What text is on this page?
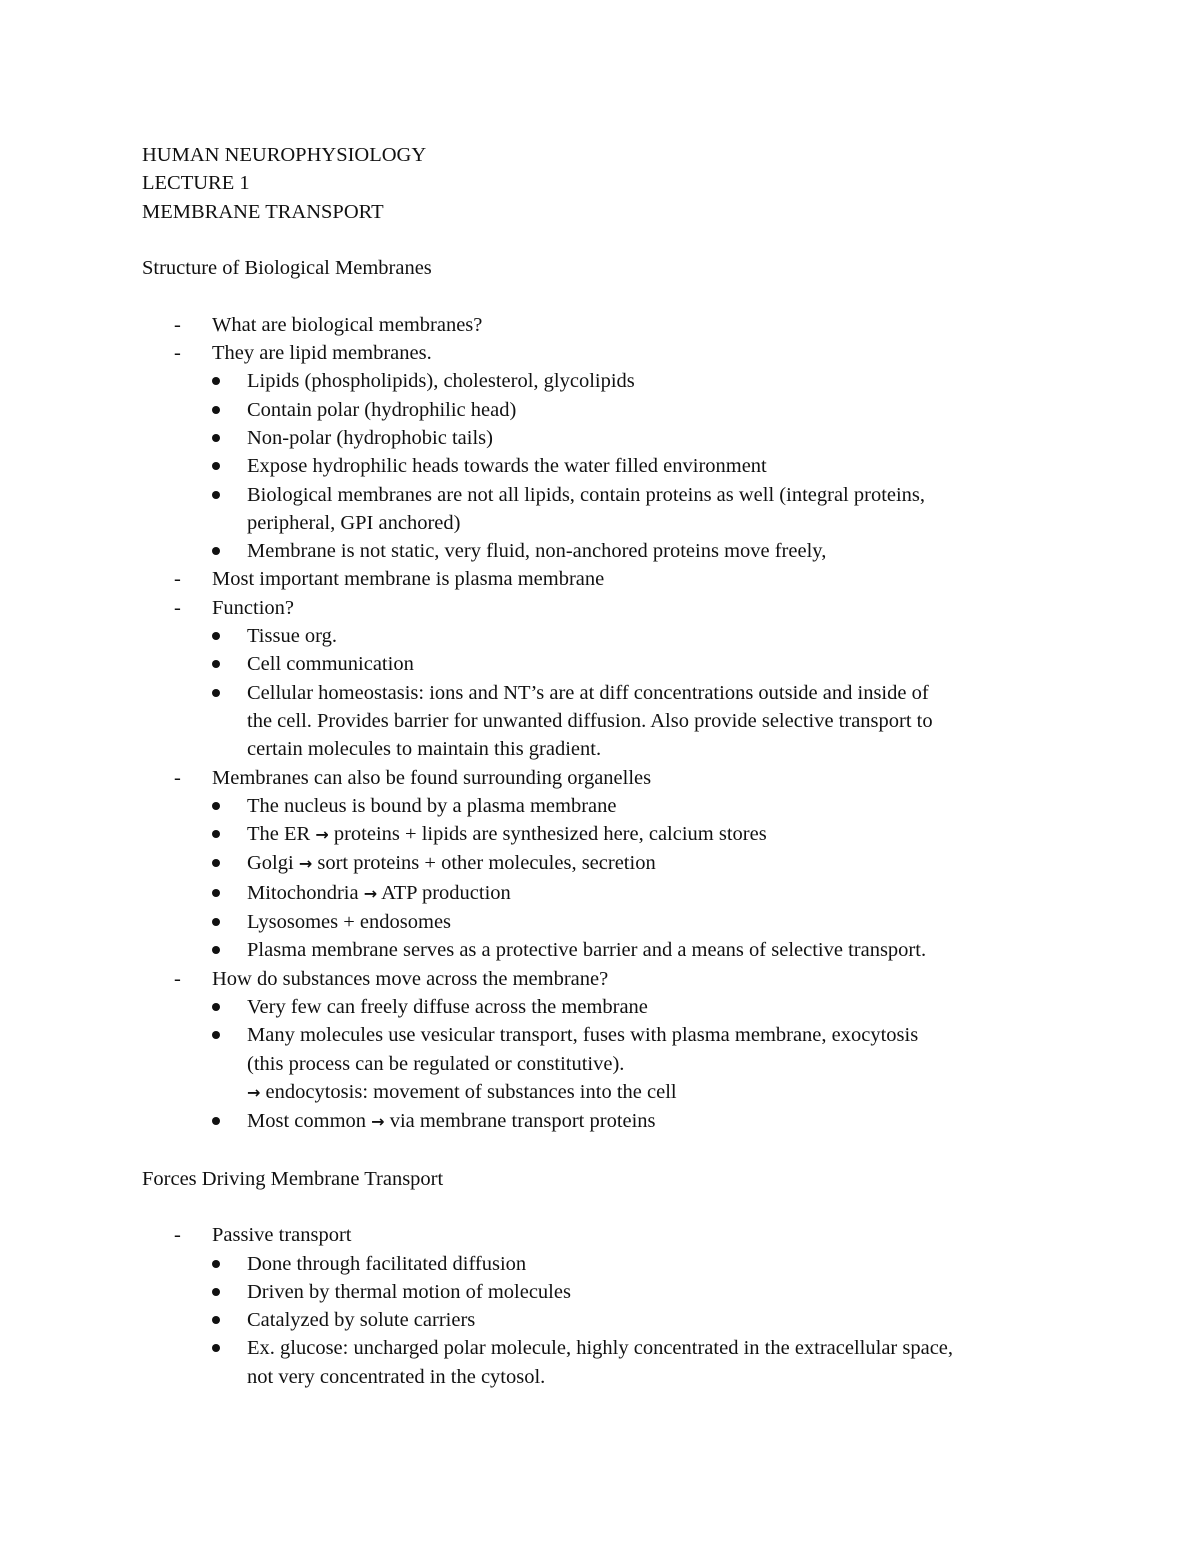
HUMAN NEUROPHYSIOLOGY
LECTURE 1
MEMBRANE TRANSPORT
Structure of Biological Membranes
- What are biological membranes?
- They are lipid membranes.
Lipids (phospholipids), cholesterol, glycolipids
Contain polar (hydrophilic head)
Non-polar (hydrophobic tails)
Expose hydrophilic heads towards the water filled environment
Biological membranes are not all lipids, contain proteins as well (integral proteins,
peripheral, GPI anchored)
Membrane is not static, very fluid, non-anchored proteins move freely,
- Most important membrane is plasma membrane
- Function?
Tissue org.
Cell communication
Cellular homeostasis: ions and NT’s are at diff concentrations outside and inside of
the cell. Provides barrier for unwanted diffusion. Also provide selective transport to
certain molecules to maintain this gradient.
- Membranes can also be found surrounding organelles
The nucleus is bound by a plasma membrane
The ER → proteins + lipids are synthesized here, calcium stores
Golgi → sort proteins + other molecules, secretion
Mitochondria → ATP production
Lysosomes + endosomes
Plasma membrane serves as a protective barrier and a means of selective transport.
- How do substances move across the membrane?
Very few can freely diffuse across the membrane
Many molecules use vesicular transport, fuses with plasma membrane, exocytosis
(this process can be regulated or constitutive).
→ endocytosis: movement of substances into the cell
Most common → via membrane transport proteins
Forces Driving Membrane Transport
- Passive transport
Done through facilitated diffusion
Driven by thermal motion of molecules
Catalyzed by solute carriers
Ex. glucose: uncharged polar molecule, highly concentrated in the extracellular space,
not very concentrated in the cytosol.
